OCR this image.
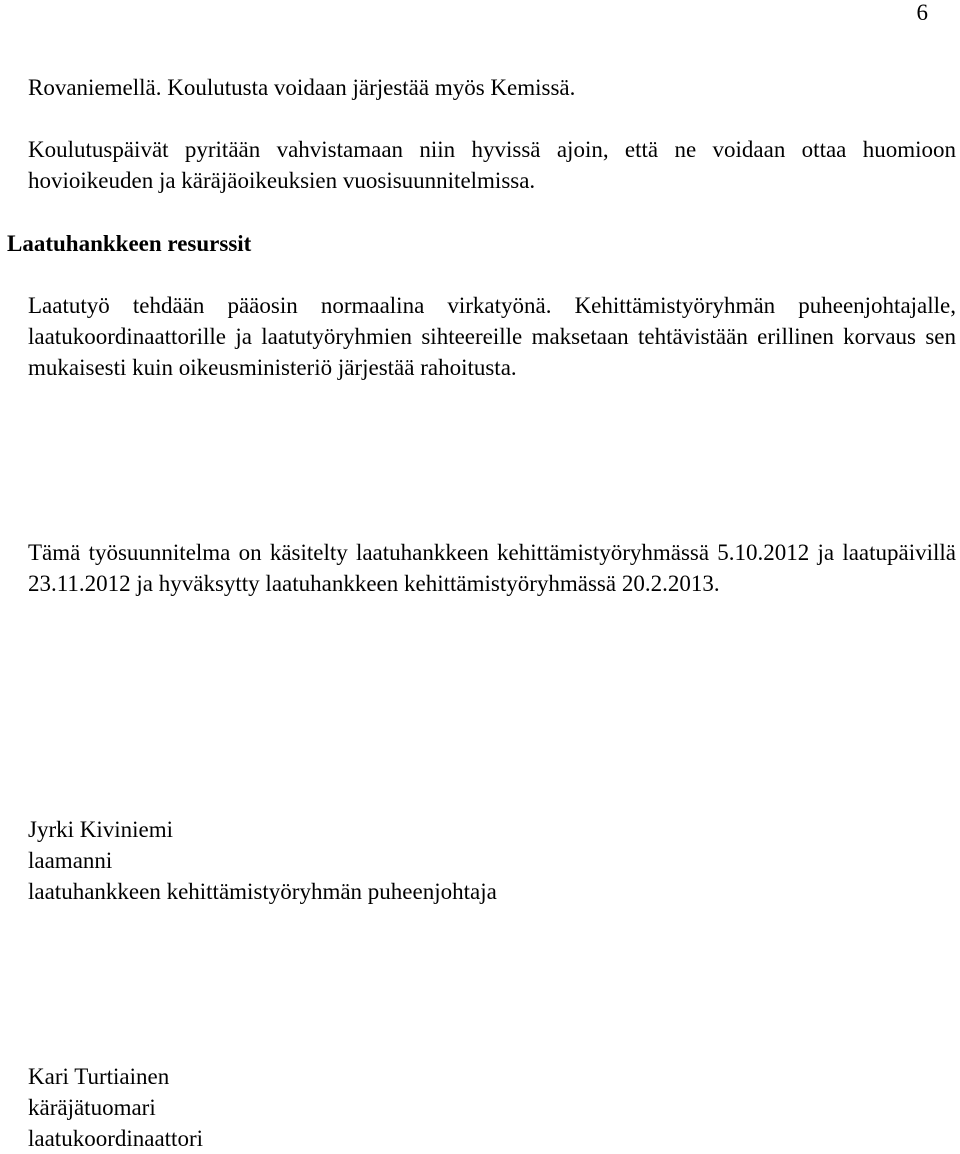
6

Rovaniemellä. Koulutusta voidaan järjestää myös Kemissä.

Koulutuspäivät pyritään vahvistamaan niin hyvissä ajoin, että ne voidaan ottaa huomioon hovioikeuden ja käräjäoikeuksien vuosisuunnitelmissa.

Laatuhankkeen resurssit

Laatutyö tehdään pääosin normaalina virkatyönä. Kehittämistyöryhmän puheenjohtajalle, laatukoordinaattorille ja laatutyöryhmien sihteereille maksetaan tehtävistään erillinen korvaus sen mukaisesti kuin oikeusministeriö järjestää rahoitusta.

Tämä työsuunnitelma on käsitelty laatuhankkeen kehittämistyöryhmässä 5.10.2012 ja laatupäivillä 23.11.2012 ja hyväksytty laatuhankkeen kehittämistyöryhmässä 20.2.2013.

Jyrki Kiviniemi
laamanni
laatuhankkeen kehittämistyöryhmän puheenjohtaja
Kari Turtiainen
käräjätuomari
laatukoordinaattori
